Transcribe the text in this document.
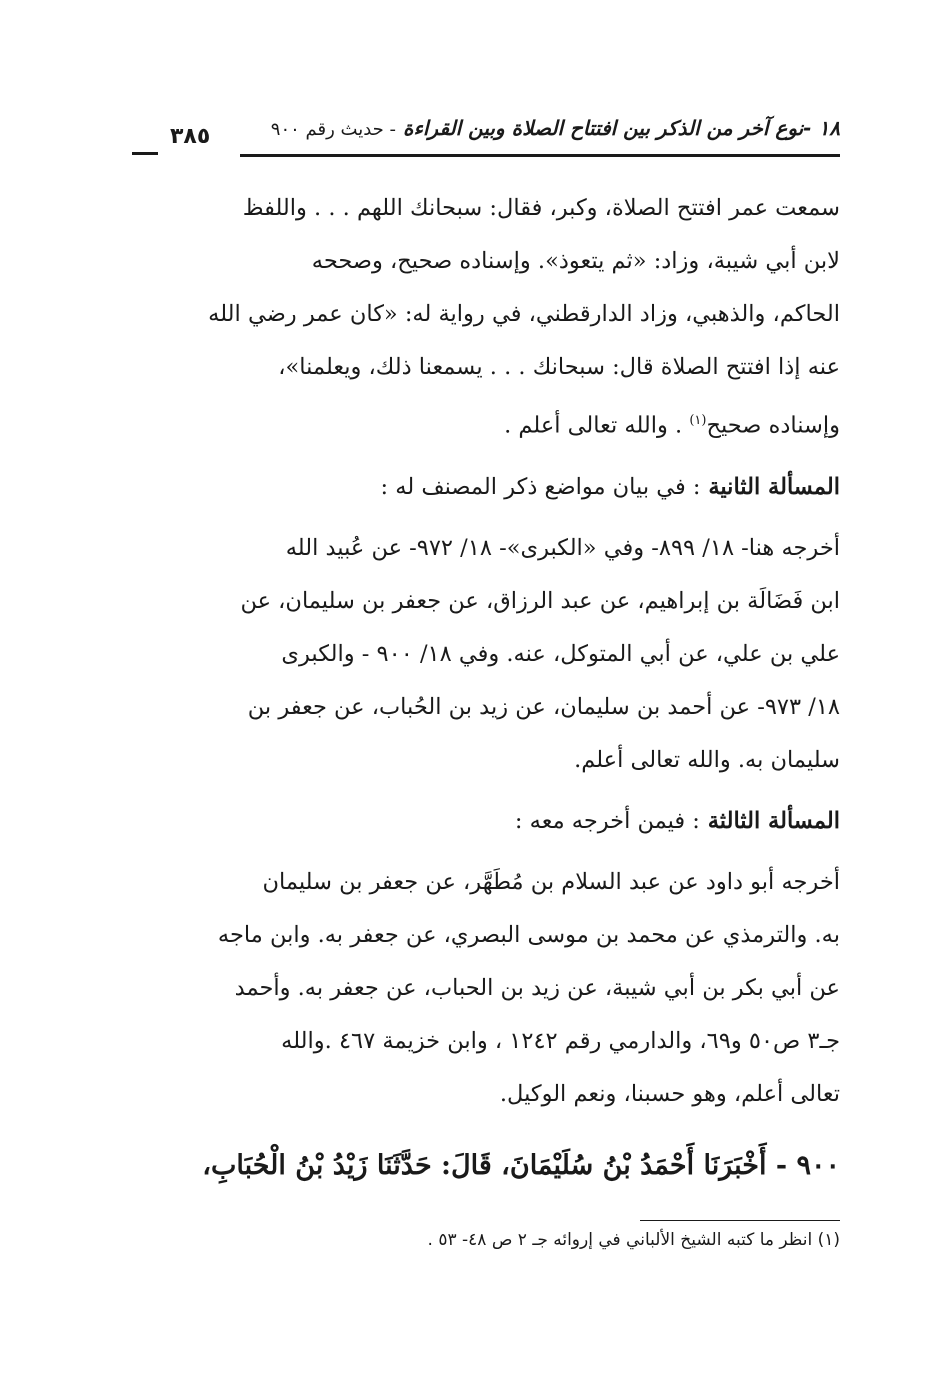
١٨ -نوع آخر من الذكر بين افتتاح الصلاة وبين القراءة - حديث رقم ٩٠٠
٣٨٥

سمعت عمر افتتح الصلاة، وكبر، فقال: سبحانك اللهم . . . واللفظ

لابن أبي شيبة، وزاد: «ثم يتعوذ». وإسناده صحيح، وصححه

الحاكم، والذهبي، وزاد الدارقطني، في رواية له: «كان عمر رضي الله

عنه إذا افتتح الصلاة قال: سبحانك . . . يسمعنا ذلك، ويعلمنا»،

وإسناده صحيح$^{(١)}$ . والله تعالى أعلم .

المسألة الثانية : في بيان مواضع ذكر المصنف له :

أخرجه هنا- ١٨/ ٨٩٩- وفي «الكبرى»- ١٨/ ٩٧٢- عن عُبيد الله

ابن فَضَالَة بن إبراهيم، عن عبد الرزاق، عن جعفر بن سليمان، عن

علي بن علي، عن أبي المتوكل، عنه. وفي ١٨/ ٩٠٠ - والكبرى

١٨/ ٩٧٣- عن أحمد بن سليمان، عن زيد بن الحُباب، عن جعفر بن

سليمان به. والله تعالى أعلم.

المسألة الثالثة : فيمن أخرجه معه :

أخرجه أبو داود عن عبد السلام بن مُطَهَّر، عن جعفر بن سليمان

به. والترمذي عن محمد بن موسى البصري، عن جعفر به. وابن ماجه

عن أبي بكر بن أبي شيبة، عن زيد بن الحباب، عن جعفر به. وأحمد

جـ٣ ص٥٠ و٦٩، والدارمي رقم ١٢٤٢ ، وابن خزيمة ٤٦٧ .والله

تعالى أعلم، وهو حسبنا، ونعم الوكيل.

٩٠٠ - أَخْبَرَنَا أَحْمَدُ بْنُ سُلَيْمَانَ، قَالَ: حَدَّثَنَا زَيْدُ بْنُ الْحُبَابِ،
(١) انظر ما كتبه الشيخ الألباني في إروائه جـ ٢ ص ٤٨- ٥٣ .
